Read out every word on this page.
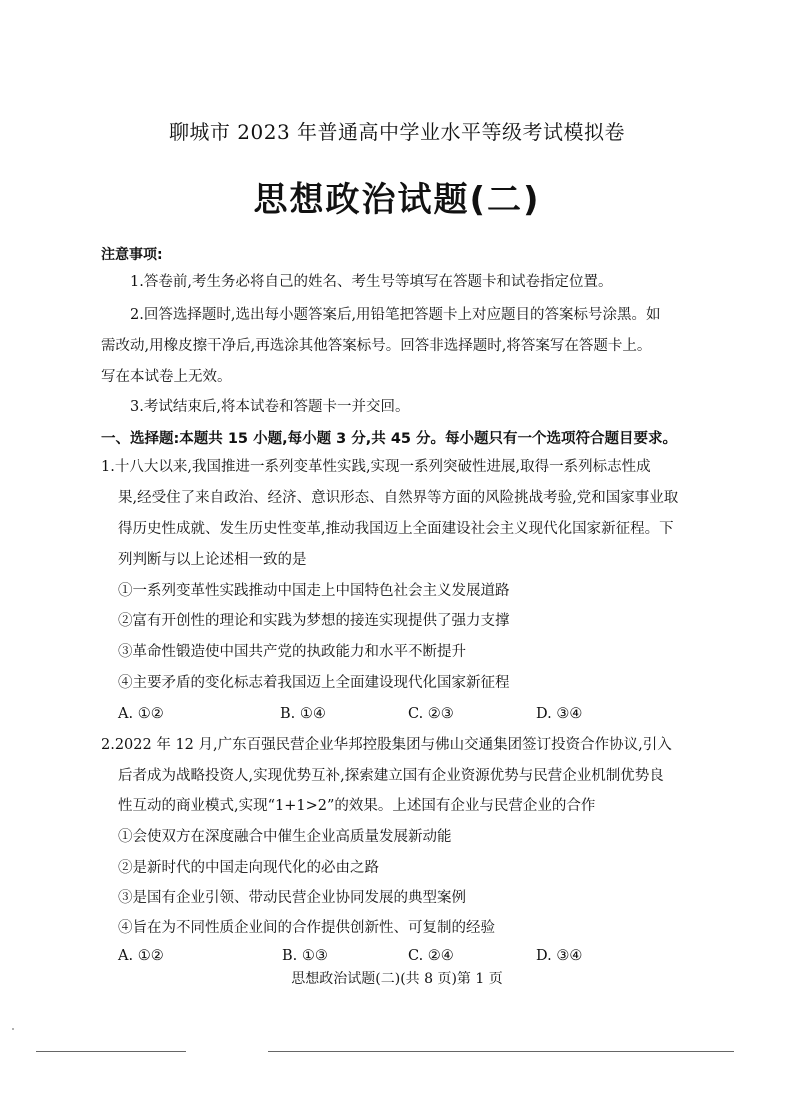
聊城市 2023 年普通高中学业水平等级考试模拟卷
思想政治试题(二)
注意事项:
1.答卷前,考生务必将自己的姓名、考生号等填写在答题卡和试卷指定位置。
2.回答选择题时,选出每小题答案后,用铅笔把答题卡上对应题目的答案标号涂黑。如
需改动,用橡皮擦干净后,再选涂其他答案标号。回答非选择题时,将答案写在答题卡上。
写在本试卷上无效。
3.考试结束后,将本试卷和答题卡一并交回。
一、选择题:本题共 15 小题,每小题 3 分,共 45 分。每小题只有一个选项符合题目要求。
1.十八大以来,我国推进一系列变革性实践,实现一系列突破性进展,取得一系列标志性成
果,经受住了来自政治、经济、意识形态、自然界等方面的风险挑战考验,党和国家事业取
得历史性成就、发生历史性变革,推动我国迈上全面建设社会主义现代化国家新征程。下
列判断与以上论述相一致的是
①一系列变革性实践推动中国走上中国特色社会主义发展道路
②富有开创性的理论和实践为梦想的接连实现提供了强力支撑
③革命性锻造使中国共产党的执政能力和水平不断提升
④主要矛盾的变化标志着我国迈上全面建设现代化国家新征程
A. ①②	B. ①④	C. ②③	D. ③④
2.2022 年 12 月,广东百强民营企业华邦控股集团与佛山交通集团签订投资合作协议,引入
后者成为战略投资人,实现优势互补,探索建立国有企业资源优势与民营企业机制优势良
性互动的商业模式,实现“1+1>2”的效果。上述国有企业与民营企业的合作
①会使双方在深度融合中催生企业高质量发展新动能
②是新时代的中国走向现代化的必由之路
③是国有企业引领、带动民营企业协同发展的典型案例
④旨在为不同性质企业间的合作提供创新性、可复制的经验
A. ①②	B. ①③	C. ②④	D. ③④
思想政治试题(二)(共 8 页)第 1 页
